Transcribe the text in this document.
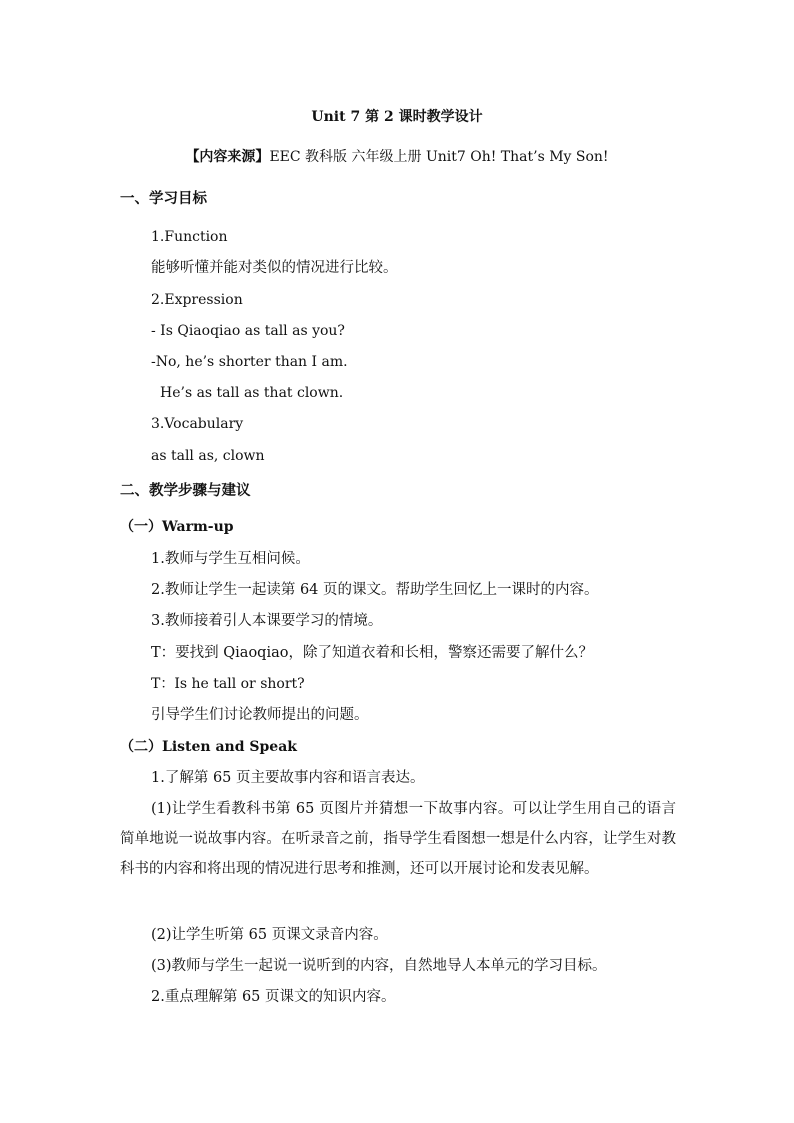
Unit 7 第 2 课时教学设计
【内容来源】EEC 教科版 六年级上册 Unit7 Oh! That’s My Son!
一、学习目标
1.Function
能够听懂并能对类似的情况进行比较。
2.Expression
- Is Qiaoqiao as tall as you?
-No, he’s shorter than I am.
He’s as tall as that clown.
3.Vocabulary
as tall as, clown
二、教学步骤与建议
（一）Warm-up
1.教师与学生互相问候。
2.教师让学生一起读第 64 页的课文。帮助学生回忆上一课时的内容。
3.教师接着引人本课要学习的情境。
T：要找到 Qiaoqiao，除了知道衣着和长相，警察还需要了解什么？
T：Is he tall or short?
引导学生们讨论教师提出的问题。
（二）Listen and Speak
1.了解第 65 页主要故事内容和语言表达。
(1)让学生看教科书第 65 页图片并猜想一下故事内容。可以让学生用自己的语言简单地说一说故事内容。在听录音之前，指导学生看图想一想是什么内容，让学生对教科书的内容和将出现的情况进行思考和推测，还可以开展讨论和发表见解。
(2)让学生听第 65 页课文录音内容。
(3)教师与学生一起说一说听到的内容，自然地导人本单元的学习目标。
2.重点理解第 65 页课文的知识内容。
